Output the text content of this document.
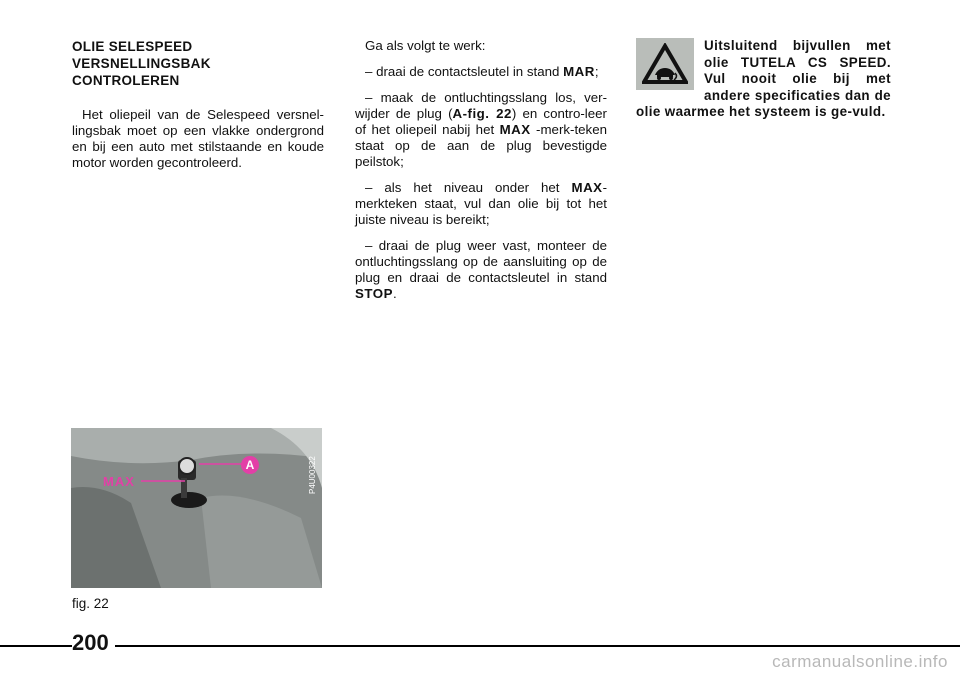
OLIE SELESPEED
VERSNELLINGSBAK
CONTROLEREN

Het oliepeil van de Selespeed versnel-lingsbak moet op een vlakke ondergrond en bij een auto met stilstaande en koude motor worden gecontroleerd.

Ga als volgt te werk:

– draai de contactsleutel in stand MAR;

– maak de ontluchtingsslang los, ver-wijder de plug (A-fig. 22) en contro-leer of het oliepeil nabij het MAX -merk-teken staat op de aan de plug bevestigde peilstok;

– als het niveau onder het MAX-merkteken staat, vul dan olie bij tot het juiste niveau is bereikt;

– draai de plug weer vast, monteer de ontluchtingsslang op de aansluiting op de plug en draai de contactsleutel in stand STOP.

Uitsluitend bijvullen met olie TUTELA CS SPEED. Vul nooit olie bij met andere specificaties dan de olie waarmee het systeem is ge-vuld.
MAX
A	P4U00322
fig. 22
200
carmanualsonline.info
